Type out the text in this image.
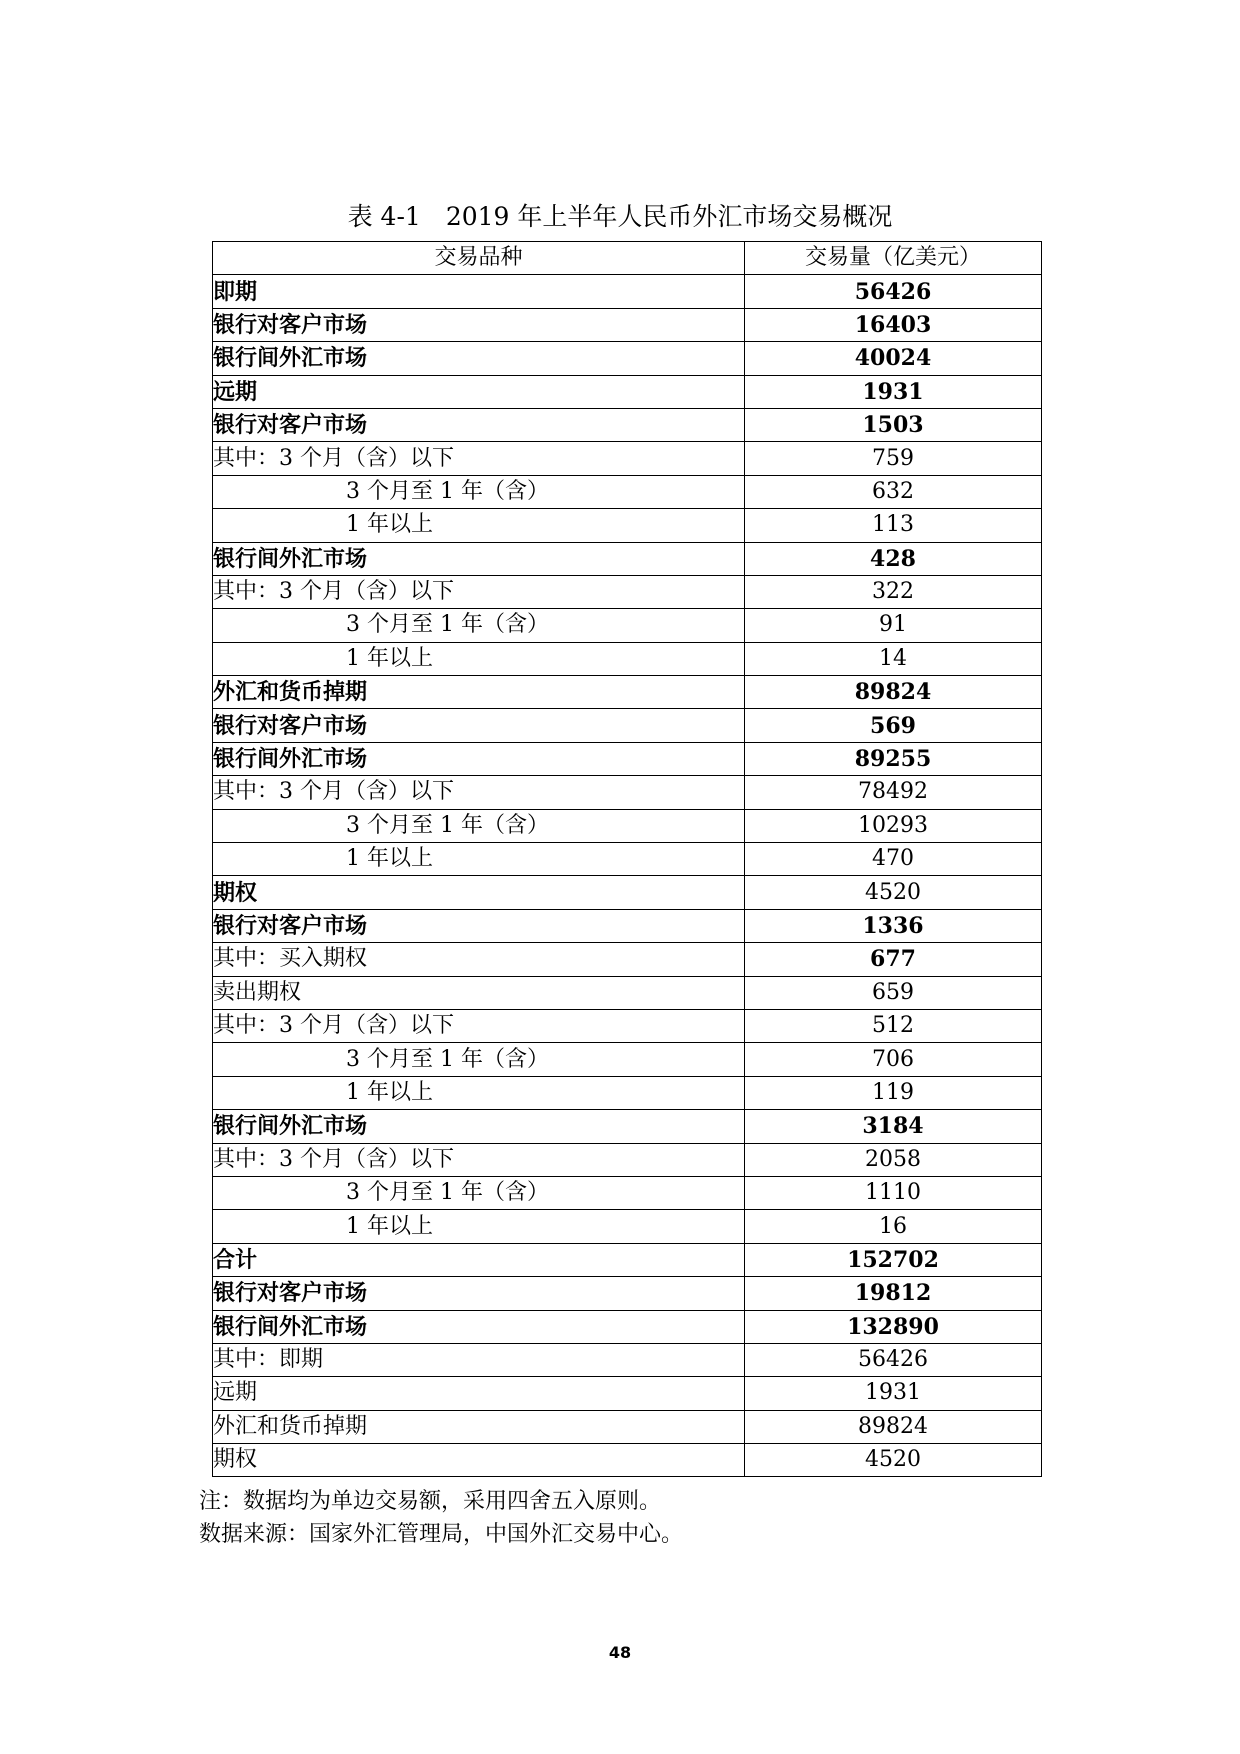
表 4-1　2019 年上半年人民币外汇市场交易概况
交易品种	交易量（亿美元）
即期	56426
银行对客户市场	16403
银行间外汇市场	40024
远期	1931
银行对客户市场	1503
其中：3 个月（含）以下	759
3 个月至 1 年（含）	632
1 年以上	113
银行间外汇市场	428
其中：3 个月（含）以下	322
3 个月至 1 年（含）	91
1 年以上	14
外汇和货币掉期	89824
银行对客户市场	569
银行间外汇市场	89255
其中：3 个月（含）以下	78492
3 个月至 1 年（含）	10293
1 年以上	470
期权	4520
银行对客户市场	1336
其中：买入期权	677
卖出期权	659
其中：3 个月（含）以下	512
3 个月至 1 年（含）	706
1 年以上	119
银行间外汇市场	3184
其中：3 个月（含）以下	2058
3 个月至 1 年（含）	1110
1 年以上	16
合计	152702
银行对客户市场	19812
银行间外汇市场	132890
其中：即期	56426
远期	1931
外汇和货币掉期	89824
期权	4520
注：数据均为单边交易额，采用四舍五入原则。
数据来源：国家外汇管理局，中国外汇交易中心。
48
